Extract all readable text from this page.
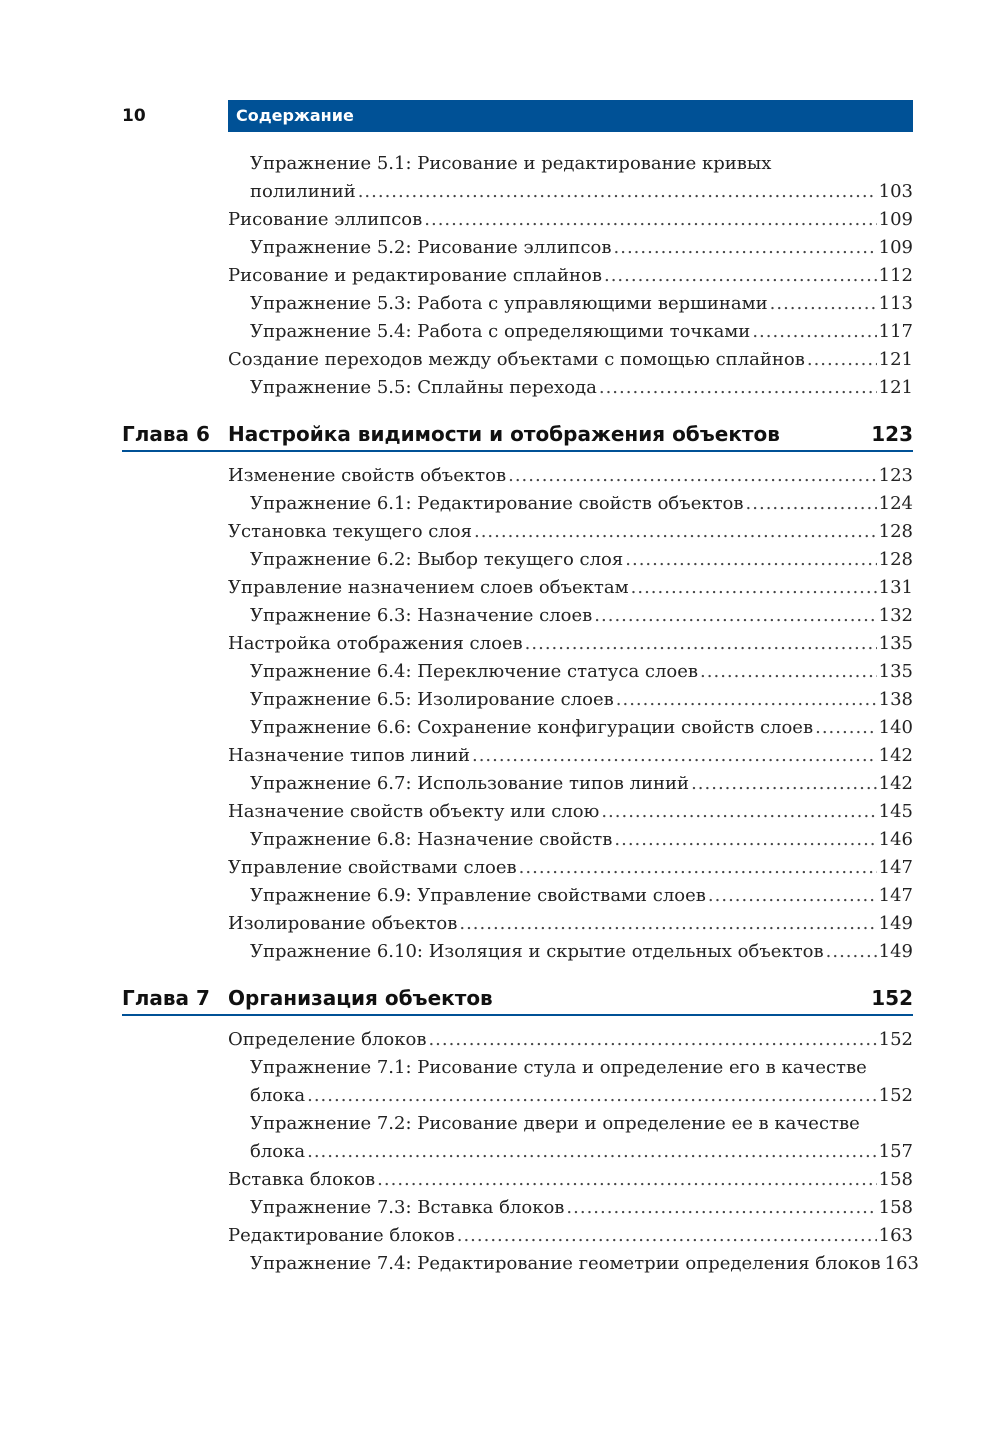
10	Содержание
Упражнение 5.1: Рисование и редактирование кривых
полилиний .....	103
Рисование эллипсов .....	109
Упражнение 5.2: Рисование эллипсов .....	109
Рисование и редактирование сплайнов .....	112
Упражнение 5.3: Работа с управляющими вершинами .....	113
Упражнение 5.4: Работа с определяющими точками .....	117
Создание переходов между объектами с помощью сплайнов .....	121
Упражнение 5.5: Сплайны перехода .....	121
Глава 6 Настройка видимости и отображения объектов	123
Изменение свойств объектов .....	123
Упражнение 6.1: Редактирование свойств объектов .....	124
Установка текущего слоя .....	128
Упражнение 6.2: Выбор текущего слоя .....	128
Управление назначением слоев объектам .....	131
Упражнение 6.3: Назначение слоев .....	132
Настройка отображения слоев .....	135
Упражнение 6.4: Переключение статуса слоев .....	135
Упражнение 6.5: Изолирование слоев .....	138
Упражнение 6.6: Сохранение конфигурации свойств слоев .....	140
Назначение типов линий .....	142
Упражнение 6.7: Использование типов линий .....	142
Назначение свойств объекту или слою .....	145
Упражнение 6.8: Назначение свойств .....	146
Управление свойствами слоев .....	147
Упражнение 6.9: Управление свойствами слоев .....	147
Изолирование объектов .....	149
Упражнение 6.10: Изоляция и скрытие отдельных объектов .....	149
Глава 7 Организация объектов	152
Определение блоков .....	152
Упражнение 7.1: Рисование стула и определение его в качестве
блока .....	152
Упражнение 7.2: Рисование двери и определение ее в качестве
блока .....	157
Вставка блоков .....	158
Упражнение 7.3: Вставка блоков .....	158
Редактирование блоков .....	163
Упражнение 7.4: Редактирование геометрии определения блоков 163
